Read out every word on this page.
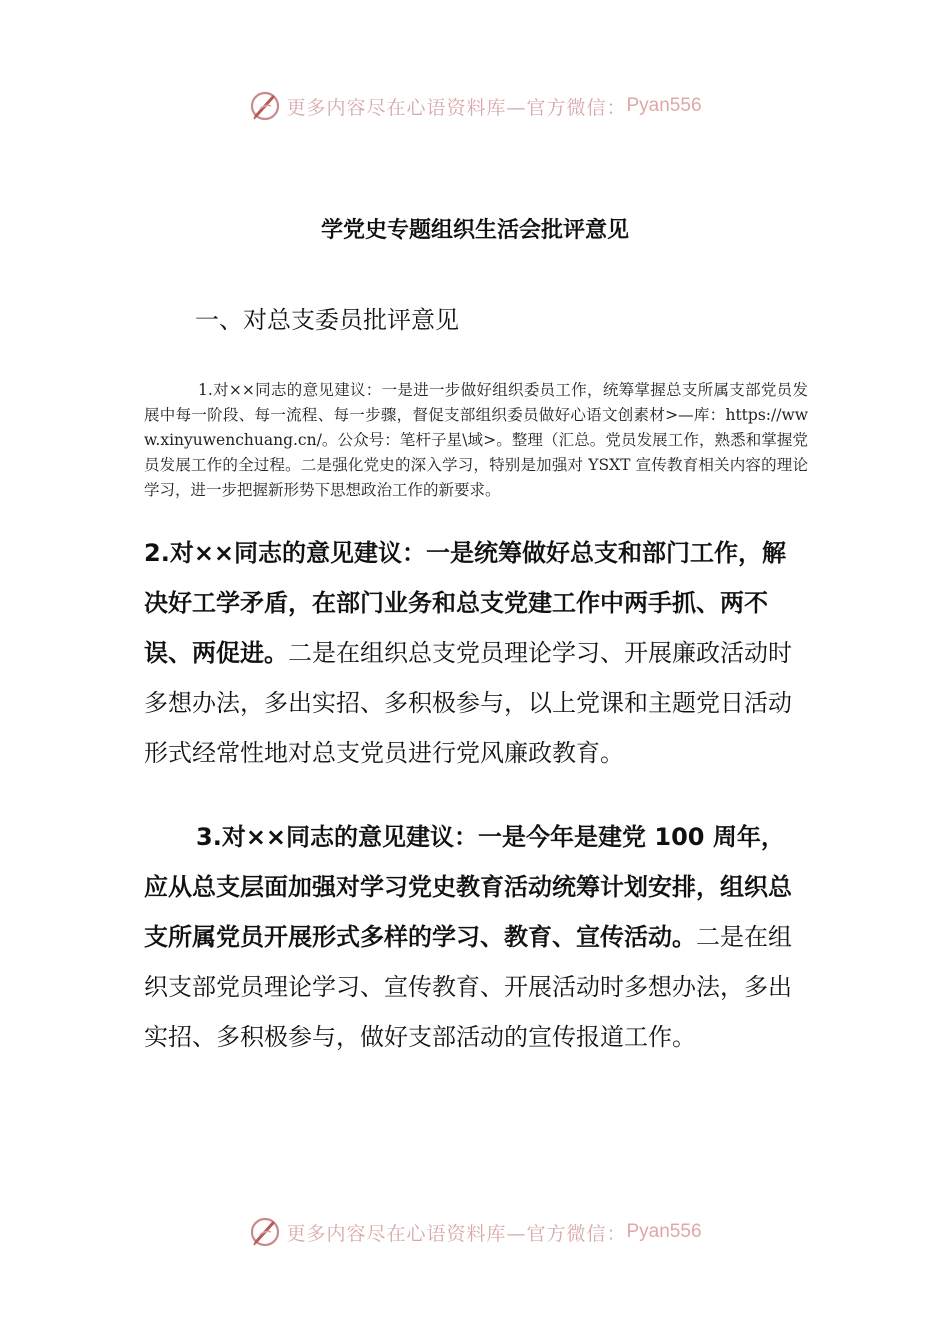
更多内容尽在心语资料库—官方微信： Pyan556
学党史专题组织生活会批评意见
一、对总支委员批评意见
1.对××同志的意见建议：一是进一步做好组织委员工作，统筹掌握总支所属支部党员发展中每一阶段、每一流程、每一步骤，督促支部组织委员做好心语文创素材>—库：https://www.xinyuwenchuang.cn/。公众号：笔杆子星\域>。整理（汇总。党员发展工作，熟悉和掌握党员发展工作的全过程。二是强化党史的深入学习，特别是加强对 YSXT 宣传教育相关内容的理论学习，进一步把握新形势下思想政治工作的新要求。
2.对××同志的意见建议：一是统筹做好总支和部门工作，解决好工学矛盾，在部门业务和总支党建工作中两手抓、两不误、两促进。二是在组织总支党员理论学习、开展廉政活动时多想办法，多出实招、多积极参与，以上党课和主题党日活动形式经常性地对总支党员进行党风廉政教育。
3.对××同志的意见建议：一是今年是建党 100 周年，应从总支层面加强对学习党史教育活动统筹计划安排，组织总支所属党员开展形式多样的学习、教育、宣传活动。二是在组织支部党员理论学习、宣传教育、开展活动时多想办法，多出实招、多积极参与，做好支部活动的宣传报道工作。
更多内容尽在心语资料库—官方微信： Pyan556
